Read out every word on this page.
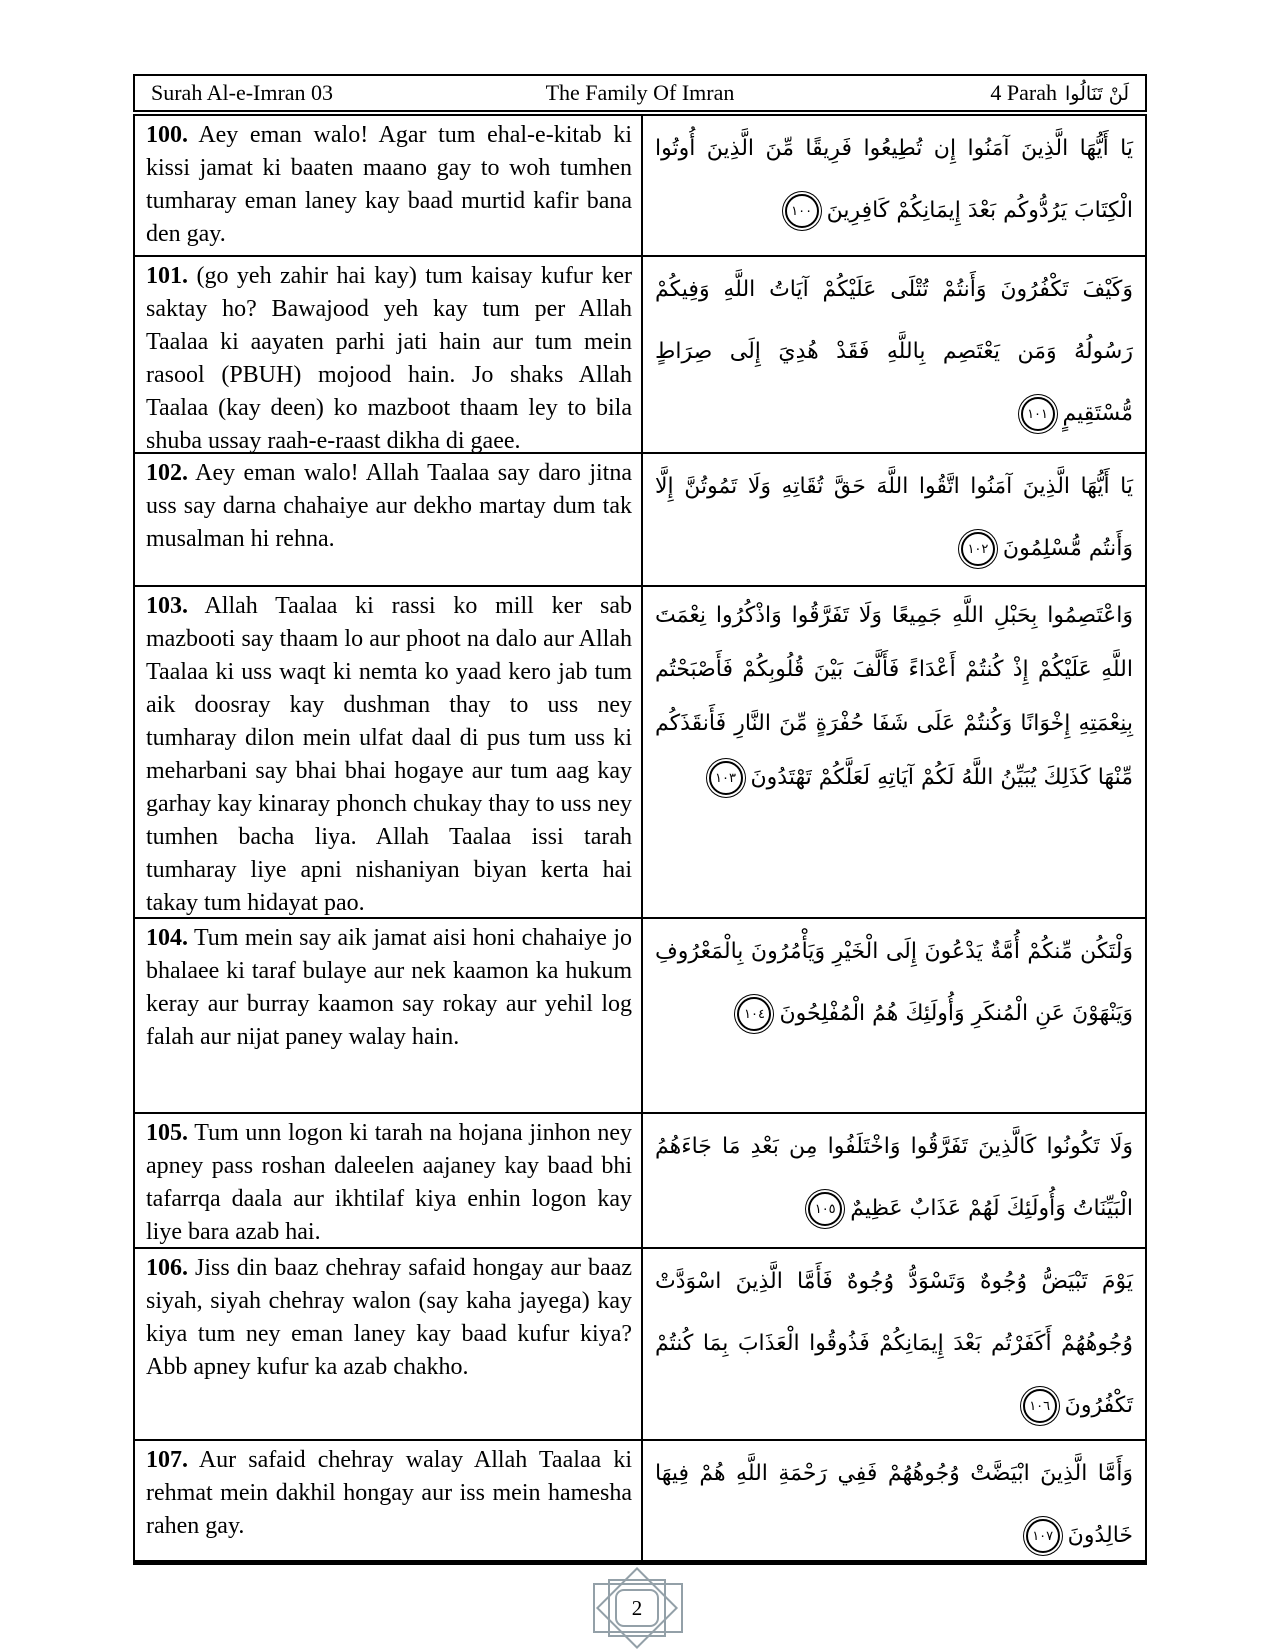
Surah Al-e-Imran 03	The Family Of Imran	4 Parah لَنْ تَنَالُوا
100. Aey eman walo! Agar tum ehal-e-kitab ki kissi jamat ki baaten maano gay to woh tumhen tumharay eman laney kay baad murtid kafir bana den gay.
يَا أَيُّهَا الَّذِينَ آمَنُوا إِن تُطِيعُوا فَرِيقًا مِّنَ الَّذِينَ أُوتُوا الْكِتَابَ يَرُدُّوكُم بَعْدَ إِيمَانِكُمْ كَافِرِينَ١٠٠
101. (go yeh zahir hai kay) tum kaisay kufur ker saktay ho? Bawajood yeh kay tum per Allah Taalaa ki aayaten parhi jati hain aur tum mein rasool (PBUH) mojood hain. Jo shaks Allah Taalaa (kay deen) ko mazboot thaam ley to bila shuba ussay raah-e-raast dikha di gaee.
وَكَيْفَ تَكْفُرُونَ وَأَنتُمْ تُتْلَى عَلَيْكُمْ آيَاتُ اللَّهِ وَفِيكُمْ رَسُولُهُ وَمَن يَعْتَصِم بِاللَّهِ فَقَدْ هُدِيَ إِلَى صِرَاطٍ مُّسْتَقِيمٍ١٠١
102. Aey eman walo! Allah Taalaa say daro jitna uss say darna chahaiye aur dekho martay dum tak musalman hi rehna.
يَا أَيُّهَا الَّذِينَ آمَنُوا اتَّقُوا اللَّهَ حَقَّ تُقَاتِهِ وَلَا تَمُوتُنَّ إِلَّا وَأَنتُم مُّسْلِمُونَ١٠٢
103. Allah Taalaa ki rassi ko mill ker sab mazbooti say thaam lo aur phoot na dalo aur Allah Taalaa ki uss waqt ki nemta ko yaad kero jab tum aik doosray kay dushman thay to uss ney tumharay dilon mein ulfat daal di pus tum uss ki meharbani say bhai bhai hogaye aur tum aag kay garhay kay kinaray phonch chukay thay to uss ney tumhen bacha liya. Allah Taalaa issi tarah tumharay liye apni nishaniyan biyan kerta hai takay tum hidayat pao.
وَاعْتَصِمُوا بِحَبْلِ اللَّهِ جَمِيعًا وَلَا تَفَرَّقُوا وَاذْكُرُوا نِعْمَتَ اللَّهِ عَلَيْكُمْ إِذْ كُنتُمْ أَعْدَاءً فَأَلَّفَ بَيْنَ قُلُوبِكُمْ فَأَصْبَحْتُم بِنِعْمَتِهِ إِخْوَانًا وَكُنتُمْ عَلَى شَفَا حُفْرَةٍ مِّنَ النَّارِ فَأَنقَذَكُم مِّنْهَا كَذَلِكَ يُبَيِّنُ اللَّهُ لَكُمْ آيَاتِهِ لَعَلَّكُمْ تَهْتَدُونَ١٠٣
104. Tum mein say aik jamat aisi honi chahaiye jo bhalaee ki taraf bulaye aur nek kaamon ka hukum keray aur burray kaamon say rokay aur yehil log falah aur nijat paney walay hain.
وَلْتَكُن مِّنكُمْ أُمَّةٌ يَدْعُونَ إِلَى الْخَيْرِ وَيَأْمُرُونَ بِالْمَعْرُوفِ وَيَنْهَوْنَ عَنِ الْمُنكَرِ وَأُولَئِكَ هُمُ الْمُفْلِحُونَ١٠٤
105. Tum unn logon ki tarah na hojana jinhon ney apney pass roshan daleelen aajaney kay baad bhi tafarrqa daala aur ikhtilaf kiya enhin logon kay liye bara azab hai.
وَلَا تَكُونُوا كَالَّذِينَ تَفَرَّقُوا وَاخْتَلَفُوا مِن بَعْدِ مَا جَاءَهُمُ الْبَيِّنَاتُ وَأُولَئِكَ لَهُمْ عَذَابٌ عَظِيمٌ١٠٥
106. Jiss din baaz chehray safaid hongay aur baaz siyah, siyah chehray walon (say kaha jayega) kay kiya tum ney eman laney kay baad kufur kiya? Abb apney kufur ka azab chakho.
يَوْمَ تَبْيَضُّ وُجُوهٌ وَتَسْوَدُّ وُجُوهٌ فَأَمَّا الَّذِينَ اسْوَدَّتْ وُجُوهُهُمْ أَكَفَرْتُم بَعْدَ إِيمَانِكُمْ فَذُوقُوا الْعَذَابَ بِمَا كُنتُمْ تَكْفُرُونَ١٠٦
107. Aur safaid chehray walay Allah Taalaa ki rehmat mein dakhil hongay aur iss mein hamesha rahen gay.
وَأَمَّا الَّذِينَ ابْيَضَّتْ وُجُوهُهُمْ فَفِي رَحْمَةِ اللَّهِ هُمْ فِيهَا خَالِدُونَ١٠٧
2
